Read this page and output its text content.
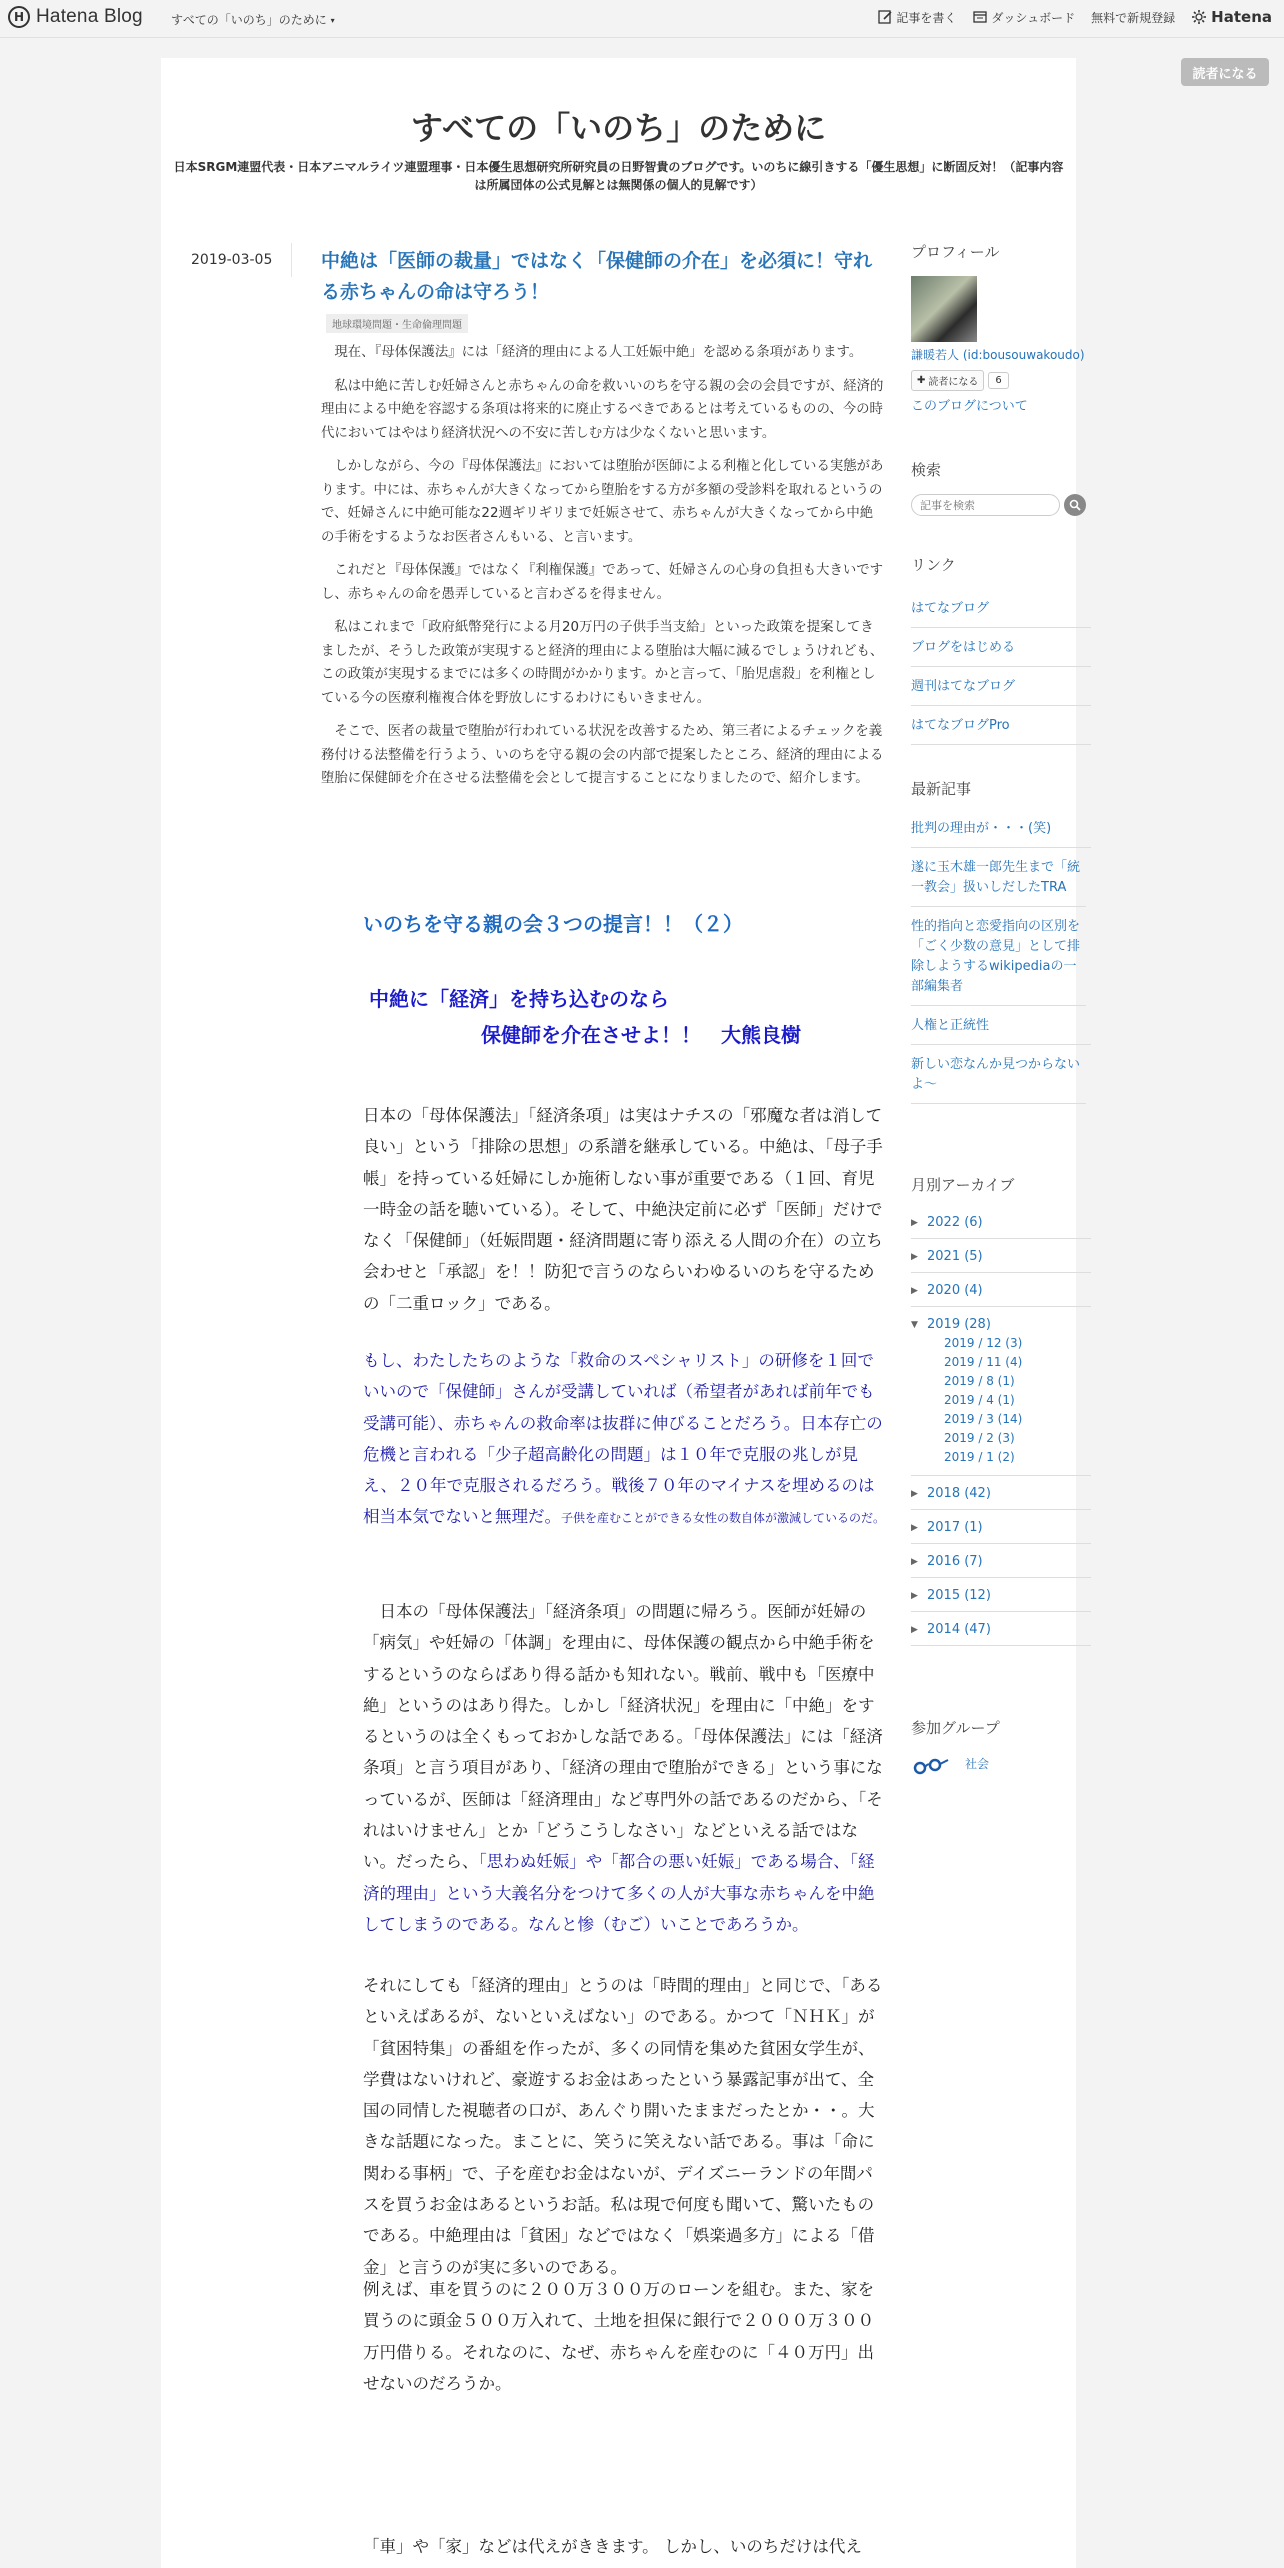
H Hatena Blog すべての「いのち」のために ▾	記事を書く	ダッシュボード 無料で新規登録 Hatena
読者になる
すべての「いのち」のために
日本SRGM連盟代表・日本アニマルライツ連盟理事・日本優生思想研究所研究員の日野智貴のブログです。いのちに線引きする「優生思想」に断固反対！（記事内容は所属団体の公式見解とは無関係の個人的見解です）
2019-03-05	中絶は「医師の裁量」ではなく「保健師の介在」を必須に！守れる赤ちゃんの命は守ろう！
地球環境問題・生命倫理問題

現在、『母体保護法』には「経済的理由による人工妊娠中絶」を認める条項があります。

私は中絶に苦しむ妊婦さんと赤ちゃんの命を救いいのちを守る親の会の会員ですが、経済的理由による中絶を容認する条項は将来的に廃止するべきであるとは考えているものの、今の時代においてはやはり経済状況への不安に苦しむ方は少なくないと思います。

しかしながら、今の『母体保護法』においては堕胎が医師による利権と化している実態があります。中には、赤ちゃんが大きくなってから堕胎をする方が多額の受診料を取れるというので、妊婦さんに中絶可能な22週ギリギリまで妊娠させて、赤ちゃんが大きくなってから中絶の手術をするようなお医者さんもいる、と言います。

これだと『母体保護』ではなく『利権保護』であって、妊婦さんの心身の負担も大きいですし、赤ちゃんの命を愚弄していると言わざるを得ません。

私はこれまで「政府紙幣発行による月20万円の子供手当支給」といった政策を提案してきましたが、そうした政策が実現すると経済的理由による堕胎は大幅に減るでしょうけれども、この政策が実現するまでには多くの時間がかかります。かと言って、「胎児虐殺」を利権としている今の医療利権複合体を野放しにするわけにもいきません。

そこで、医者の裁量で堕胎が行われている状況を改善するため、第三者によるチェックを義務付ける法整備を行うよう、いのちを守る親の会の内部で提案したところ、経済的理由による堕胎に保健師を介在させる法整備を会として提言することになりましたので、紹介します。

いのちを守る親の会３つの提言！！（２）
中絶に「経済」を持ち込むのなら
保健師を介在させよ！！　大熊良樹
日本の「母体保護法」「経済条項」は実はナチスの「邪魔な者は消して良い」という「排除の思想」の系譜を継承している。中絶は、「母子手帳」を持っている妊婦にしか施術しない事が重要である（１回、育児一時金の話を聴いている）。そして、中絶決定前に必ず「医師」だけでなく「保健師」（妊娠問題・経済問題に寄り添える人間の介在）の立ち会わせと「承認」を！！防犯で言うのならいわゆるいのちを守るための「二重ロック」である。
もし、わたしたちのような「救命のスペシャリスト」の研修を１回でいいので「保健師」さんが受講していれば（希望者があれば前年でも受講可能）、赤ちゃんの救命率は抜群に伸びることだろう。日本存亡の危機と言われる「少子超高齢化の問題」は１０年で克服の兆しが見え、２０年で克服されるだろう。戦後７０年のマイナスを埋めるのは相当本気でないと無理だ。子供を産むことができる女性の数自体が激減しているのだ。
　日本の「母体保護法」「経済条項」の問題に帰ろう。医師が妊婦の「病気」や妊婦の「体調」を理由に、母体保護の観点から中絶手術をするというのならばあり得る話かも知れない。戦前、戦中も「医療中絶」というのはあり得た。しかし「経済状況」を理由に「中絶」をするというのは全くもっておかしな話である。「母体保護法」には「経済条項」と言う項目があり、「経済の理由で堕胎ができる」という事になっているが、医師は「経済理由」など専門外の話であるのだから、「それはいけません」とか「どうこうしなさい」などといえる話ではない。だったら、「思わぬ妊娠」や「都合の悪い妊娠」である場合、「経済的理由」という大義名分をつけて多くの人が大事な赤ちゃんを中絶してしまうのである。なんと惨（むご）いことであろうか。
それにしても「経済的理由」とうのは「時間的理由」と同じで、「あるといえばあるが、ないといえばない」のである。かつて「ＮＨＫ」が「貧困特集」の番組を作ったが、多くの同情を集めた貧困女学生が、学費はないけれど、豪遊するお金はあったという暴露記事が出て、全国の同情した視聴者の口が、あんぐり開いたままだったとか・・。大きな話題になった。まことに、笑うに笑えない話である。事は「命に関わる事柄」で、子を産むお金はないが、デイズニーランドの年間パスを買うお金はあるというお話。私は現で何度も聞いて、驚いたものである。中絶理由は「貧困」などではなく「娯楽過多方」による「借金」と言うのが実に多いのである。
例えば、車を買うのに２００万３００万のローンを組む。また、家を買うのに頭金５００万入れて、土地を担保に銀行で２０００万３００万円借りる。それなのに、なぜ、赤ちゃんを産むのに「４０万円」出せないのだろうか。
「車」や「家」などは代えがききます。 しかし、いのちだけは代え
プロフィール
謙暖若人 (id:bousouwakoudo)
✚ 読者になる	6
このブログについて
検索
記事を検索
リンク
はてなブログ
ブログをはじめる
週刊はてなブログ
はてなブログPro
最新記事
批判の理由が・・・(笑)
遂に玉木雄一郎先生まで「統一教会」扱いしだしたTRA
性的指向と恋愛指向の区別を「ごく少数の意見」として排除しようするwikipediaの一部編集者
人権と正統性
新しい恋なんか見つからないよ～
月別アーカイブ
▶ 2022 (6)
▶ 2021 (5)
▶ 2020 (4)
▼ 2019 (28)
2019 / 12 (3)
2019 / 11 (4)
2019 / 8 (1)
2019 / 4 (1)
2019 / 3 (14)
2019 / 2 (3)
2019 / 1 (2)
▶ 2018 (42)
▶ 2017 (1)
▶ 2016 (7)
▶ 2015 (12)
▶ 2014 (47)
参加グループ
社会
